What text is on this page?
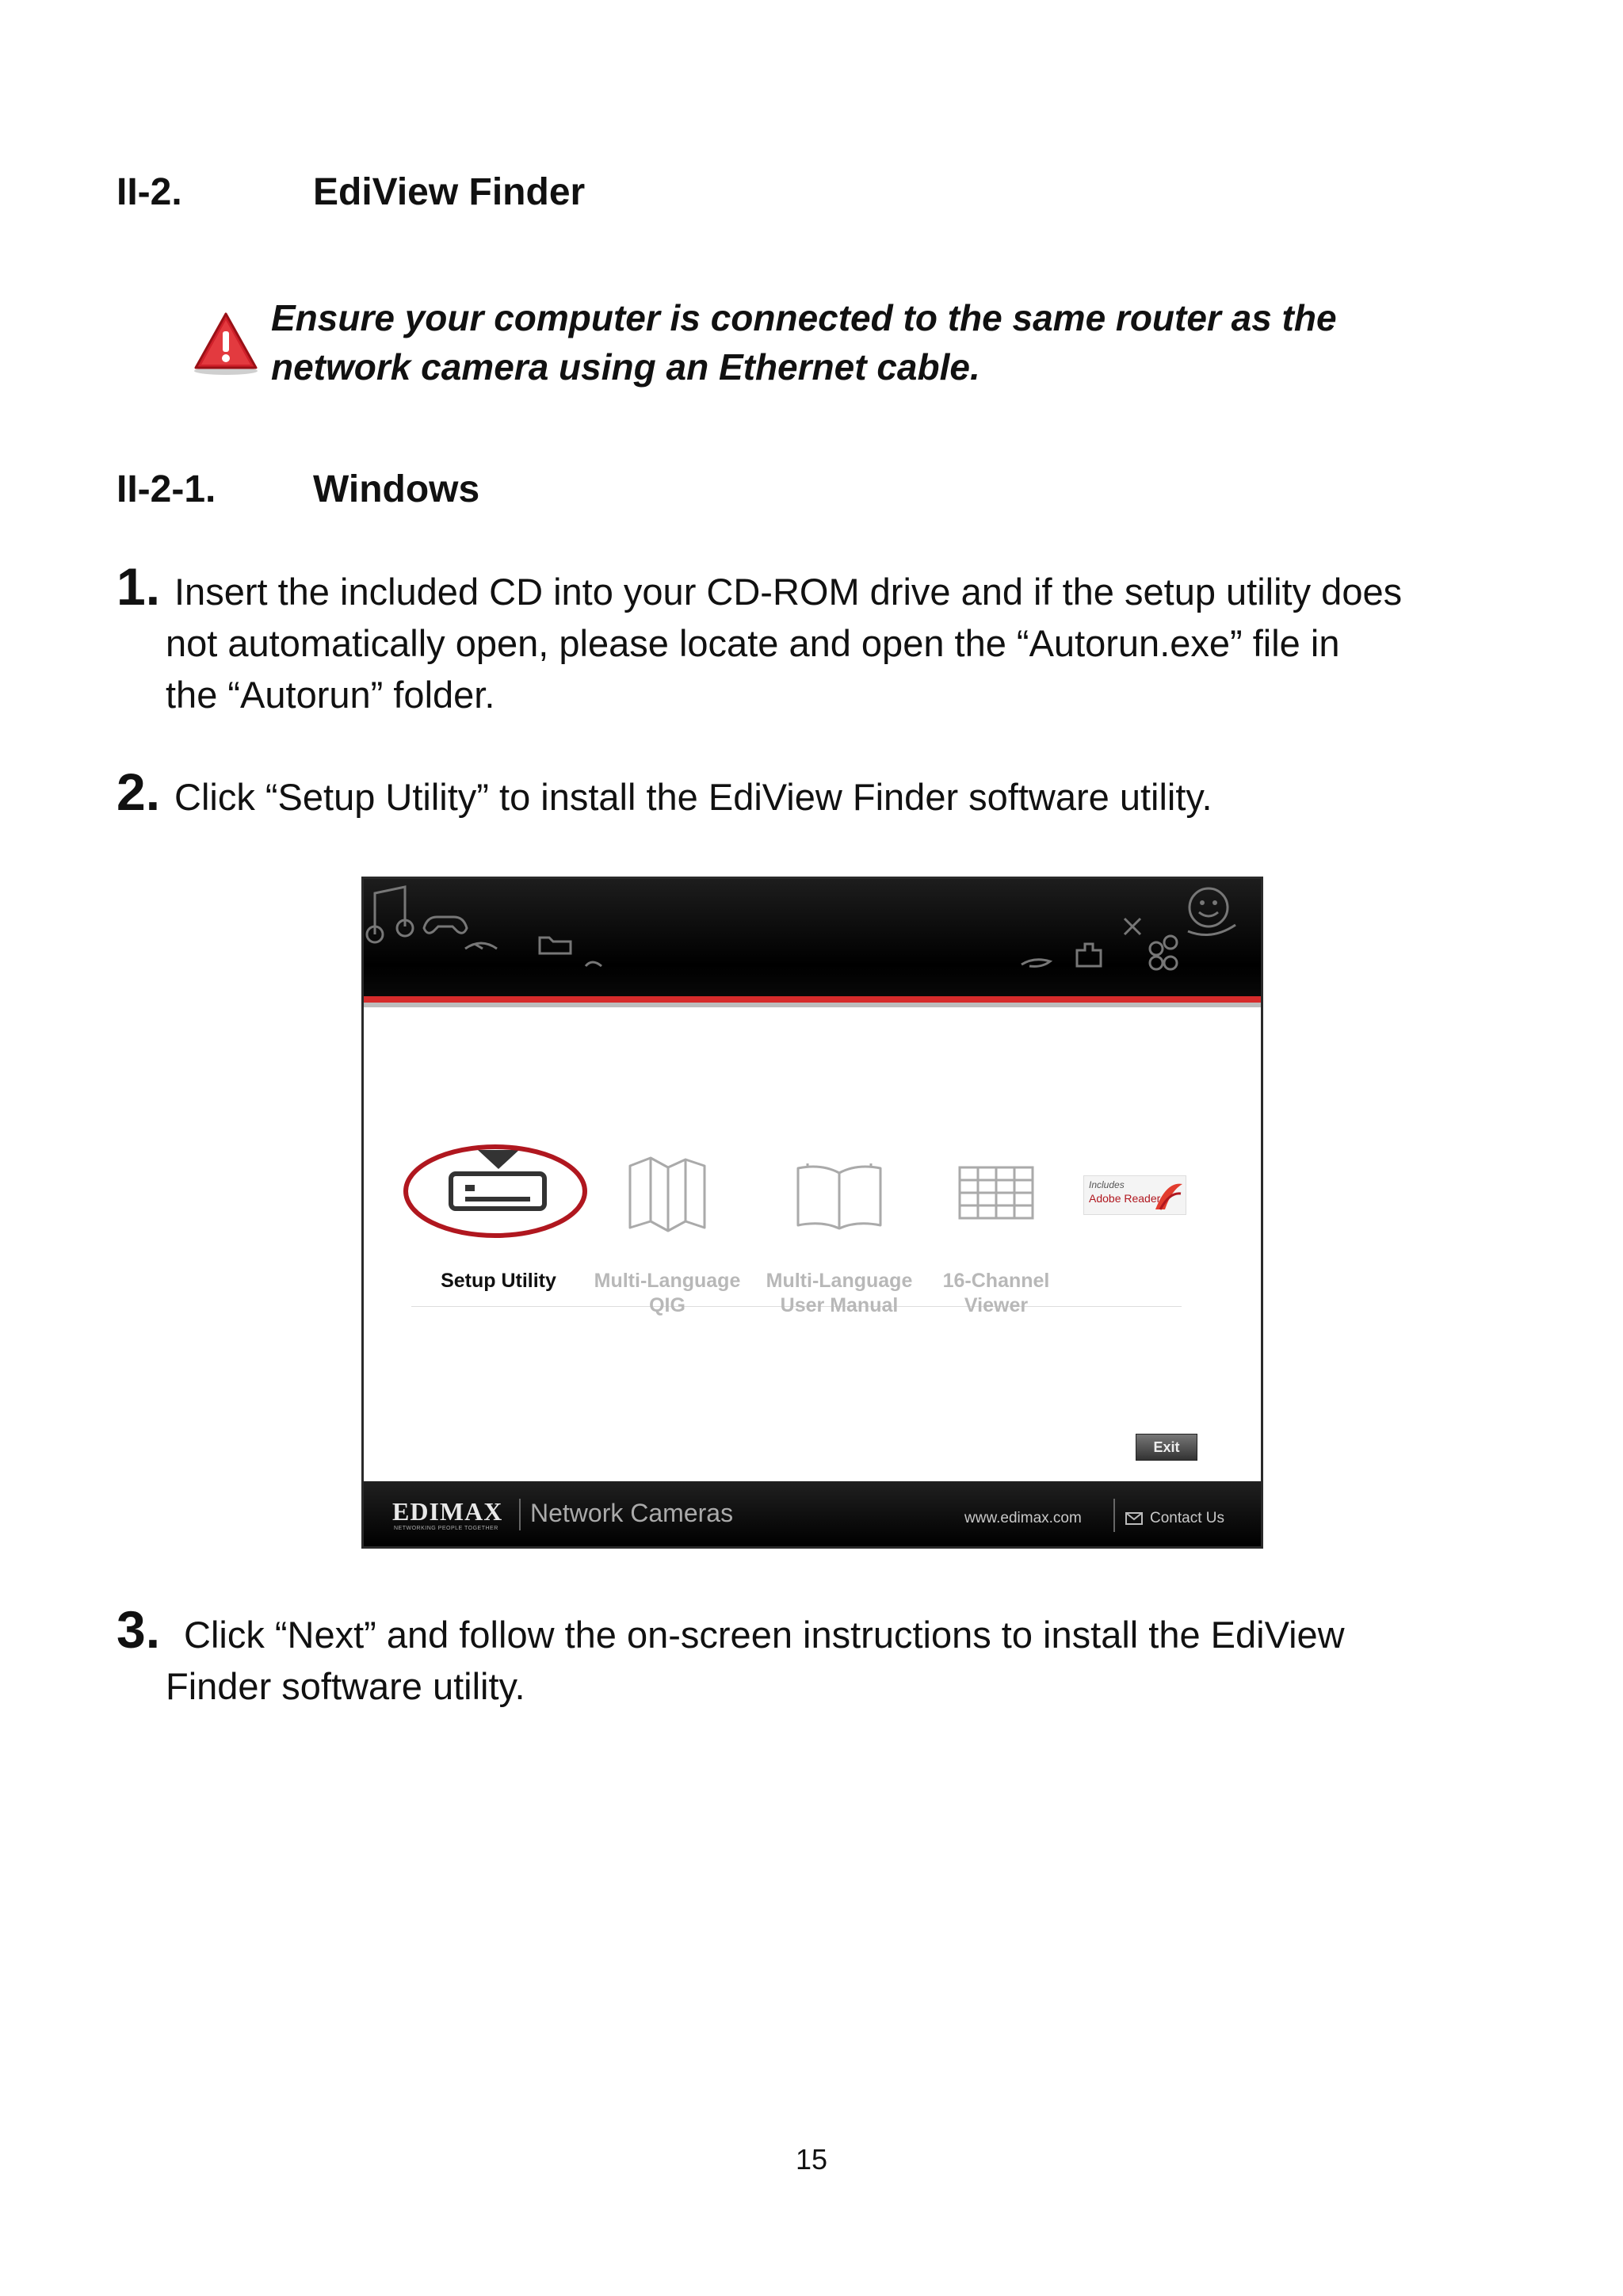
II-2.	EdiView Finder
Ensure your computer is connected to the same router as the
network camera using an Ethernet cable.
II-2-1.	Windows
1. Insert the included CD into your CD-ROM drive and if the setup utility does
not automatically open, please locate and open the “Autorun.exe” file in
the “Autorun” folder.
2. Click “Setup Utility” to install the EdiView Finder software utility.
Includes
Adobe Reader
Setup Utility	Multi-Language
QIG
Multi-Language
User Manual
16-Channel
Viewer
Exit
EDIMAX
NETWORKING PEOPLE TOGETHER
Network Cameras	www.edimax.com	Contact Us
3. Click “Next” and follow the on-screen instructions to install the EdiView
Finder software utility.
15
